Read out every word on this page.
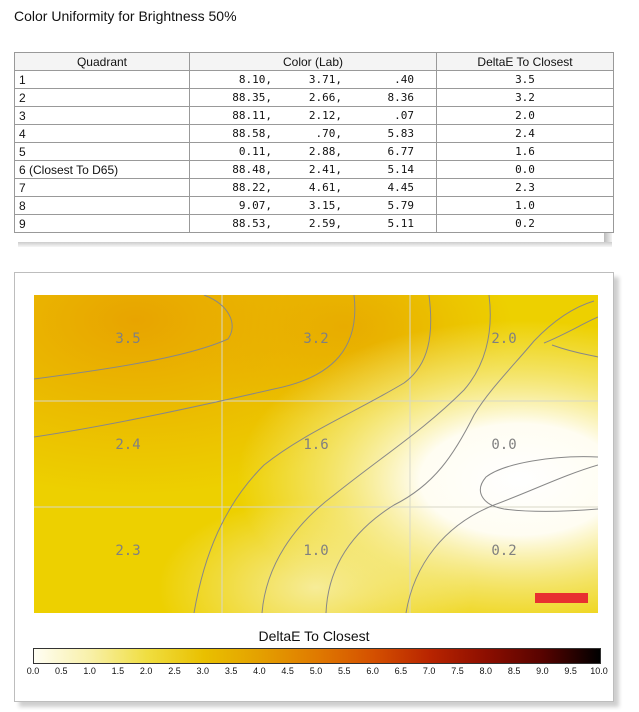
Color Uniformity for Brightness 50%
Quadrant	Color (Lab)	DeltaE To Closest
1	8.10, 3.71, .40	3.5
2	88.35, 2.66, 8.36	3.2
3	88.11, 2.12, .07	2.0
4	88.58, .70, 5.83	2.4
5	0.11, 2.88, 6.77	1.6
6 (Closest To D65)	88.48, 2.41, 5.14	0.0
7	88.22, 4.61, 4.45	2.3
8	9.07, 3.15, 5.79	1.0
9	88.53, 2.59, 5.11	0.2
3.5	3.2	2.0
2.4	1.6	0.0
2.3	1.0	0.2
DeltaE To Closest
0.0 0.5 1.0 1.5 2.0 2.5 3.0 3.5 4.0 4.5 5.0 5.5 6.0 6.5 7.0 7.5 8.0 8.5 9.0 9.5 10.0
